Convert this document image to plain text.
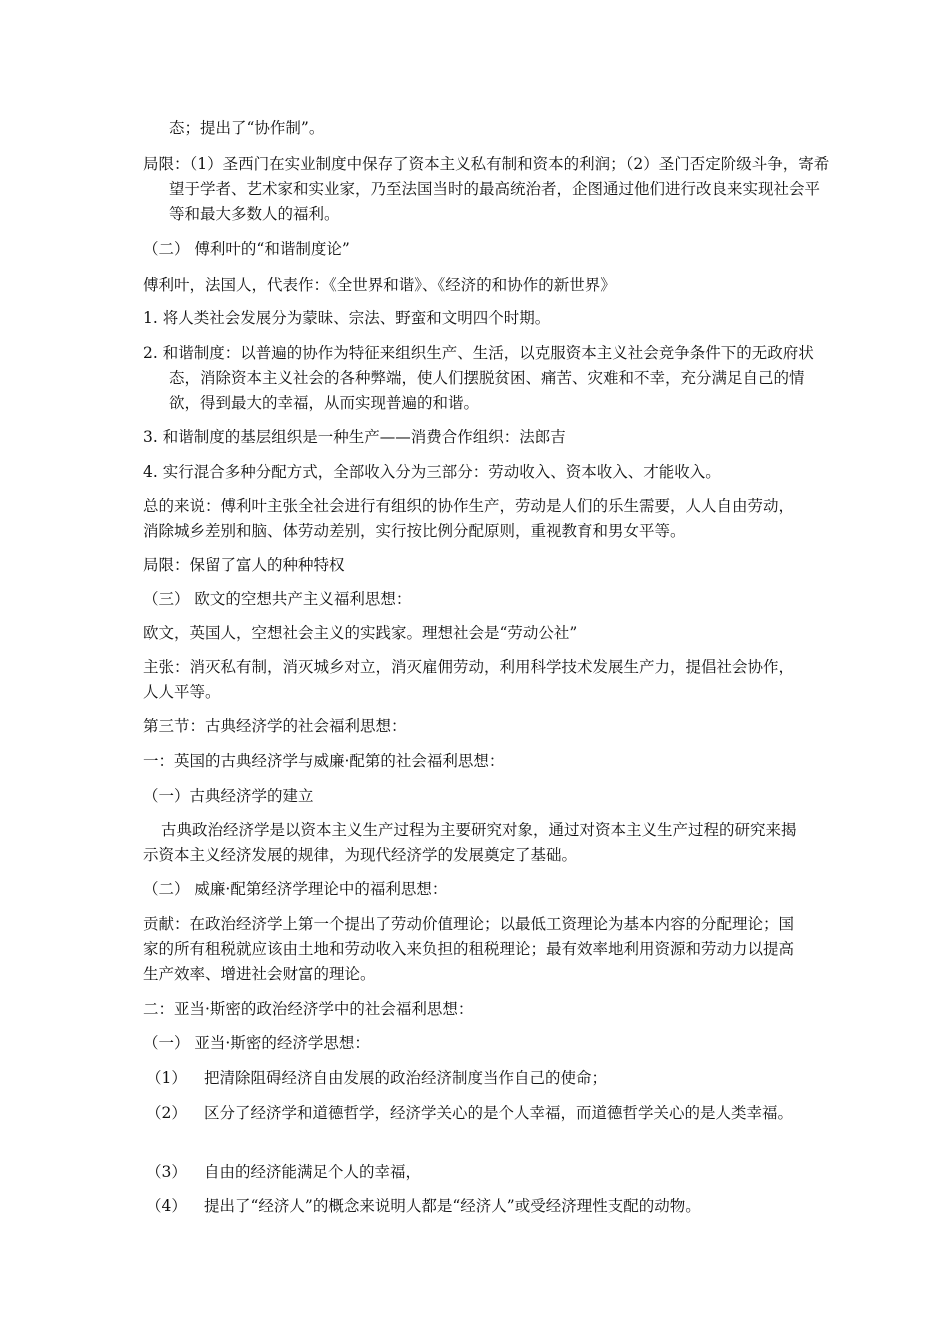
态；提出了“协作制”。

局限：（1）圣西门在实业制度中保存了资本主义私有制和资本的利润；（2）圣门否定阶级斗争，寄希望于学者、艺术家和实业家，乃至法国当时的最高统治者，企图通过他们进行改良来实现社会平等和最大多数人的福利。

（二） 傅利叶的“和谐制度论”

傅利叶，法国人，代表作：《全世界和谐》、《经济的和协作的新世界》

1. 将人类社会发展分为蒙昧、宗法、野蛮和文明四个时期。

2. 和谐制度：以普遍的协作为特征来组织生产、生活，以克服资本主义社会竞争条件下的无政府状态，消除资本主义社会的各种弊端，使人们摆脱贫困、痛苦、灾难和不幸，充分满足自己的情欲，得到最大的幸福，从而实现普遍的和谐。

3. 和谐制度的基层组织是一种生产——消费合作组织：法郎吉

4. 实行混合多种分配方式，全部收入分为三部分：劳动收入、资本收入、才能收入。

总的来说：傅利叶主张全社会进行有组织的协作生产，劳动是人们的乐生需要，人人自由劳动，消除城乡差别和脑、体劳动差别，实行按比例分配原则，重视教育和男女平等。

局限：保留了富人的种种特权

（三） 欧文的空想共产主义福利思想：

欧文，英国人，空想社会主义的实践家。理想社会是“劳动公社”

主张：消灭私有制，消灭城乡对立，消灭雇佣劳动，利用科学技术发展生产力，提倡社会协作，人人平等。

第三节：古典经济学的社会福利思想：

一：英国的古典经济学与威廉·配第的社会福利思想：

（一）古典经济学的建立

古典政治经济学是以资本主义生产过程为主要研究对象，通过对资本主义生产过程的研究来揭示资本主义经济发展的规律，为现代经济学的发展奠定了基础。

（二） 威廉·配第经济学理论中的福利思想：

贡献：在政治经济学上第一个提出了劳动价值理论；以最低工资理论为基本内容的分配理论；国家的所有租税就应该由土地和劳动收入来负担的租税理论；最有效率地利用资源和劳动力以提高生产效率、增进社会财富的理论。

二：亚当·斯密的政治经济学中的社会福利思想：

（一） 亚当·斯密的经济学思想：

（1）	把清除阻碍经济自由发展的政治经济制度当作自己的使命；
（2）	区分了经济学和道德哲学，经济学关心的是个人幸福，而道德哲学关心的是人类幸福。
（3）	自由的经济能满足个人的幸福，
（4）	提出了“经济人”的概念来说明人都是“经济人”或受经济理性支配的动物。
